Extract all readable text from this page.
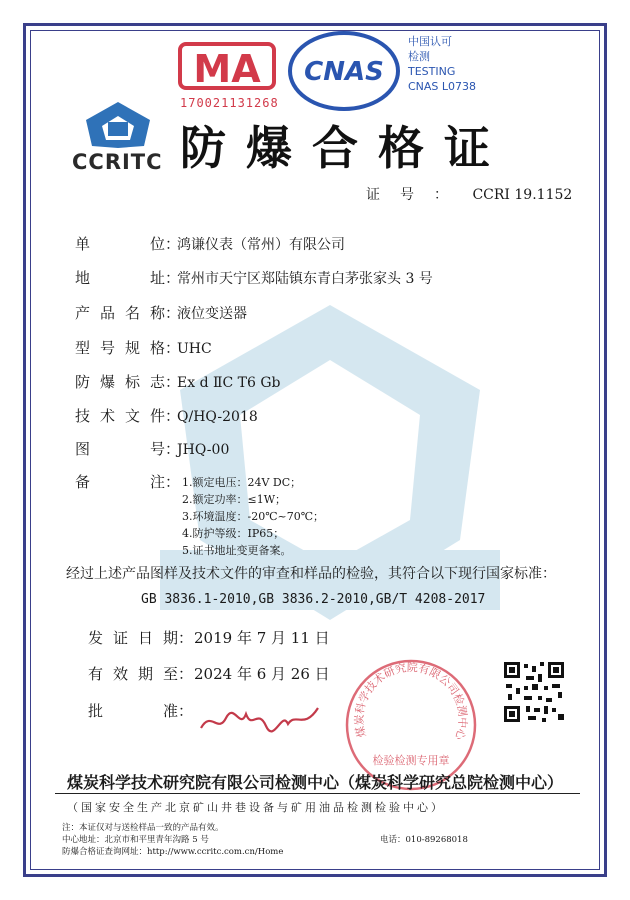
MA
170021131268
CNAS
中国认可
检测
TESTING
CNAS L0738
CCRITC 防爆合格证
证号： CCRI 19.1152
单位：鸿谦仪表（常州）有限公司
地址：常州市天宁区郑陆镇东青白茅张家头 3 号
产品名称：液位变送器
型号规格：UHC
防爆标志：Ex d ⅡC T6 Gb
技术文件：Q/HQ-2018
图号：JHQ-00
备注： 1.额定电压：24V DC；
2.额定功率：≤1W；
3.环境温度：-20℃~70℃；
4.防护等级：IP65；
5.证书地址变更备案。
经过上述产品图样及技术文件的审查和样品的检验，其符合以下现行国家标准：
GB 3836.1-2010,GB 3836.2-2010,GB/T 4208-2017
发证日期：2019 年 7 月 11 日
有效期至：2024 年 6 月 26 日
批准：
煤炭科学技术研究院有限公司检测中心
检验检测专用章
煤炭科学技术研究院有限公司检测中心（煤炭科学研究总院检测中心）
（国家安全生产北京矿山井巷设备与矿用油品检测检验中心）
注：本证仅对与送检样品一致的产品有效。
中心地址：北京市和平里青年沟路 5 号	电话：010-89268018
防爆合格证查询网址：http://www.ccritc.com.cn/Home
